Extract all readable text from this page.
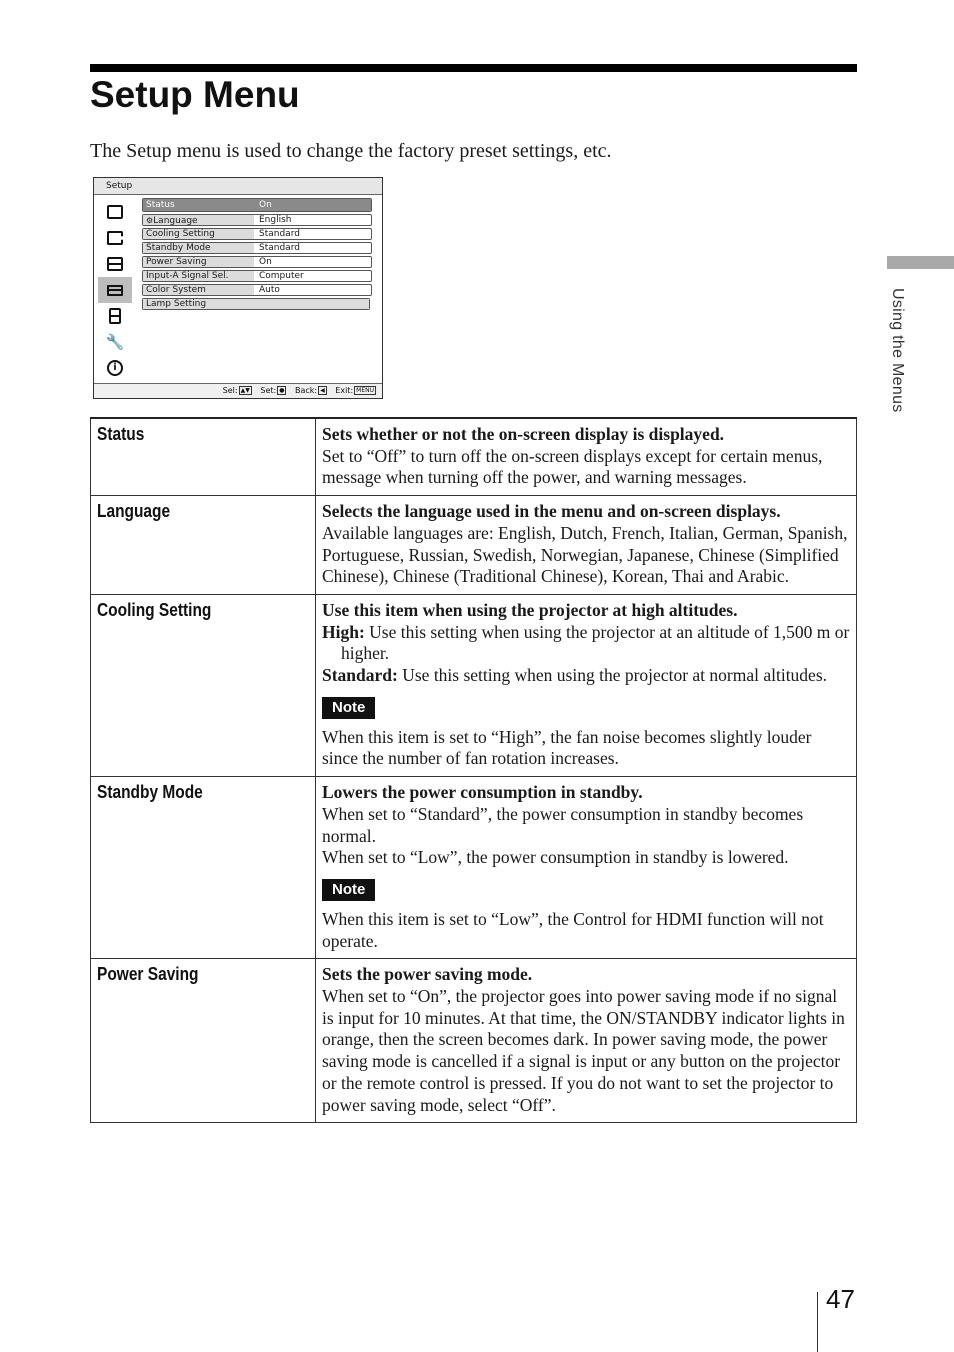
Setup Menu
The Setup menu is used to change the factory preset settings, etc.
Using the Menus
Setup
🔧
i
Status	On
⚙Language	English
Cooling Setting	Standard
Standby Mode	Standard
Power Saving	On
Input-A Signal Sel.	Computer
Color System	Auto
Lamp Setting
Sel: ▲▼ Set: ● Back: ◀ Exit: MENU
Status	Sets whether or not the on-screen display is displayed.

Set to “Off” to turn off the on-screen displays except for certain menus, message when turning off the power, and warning messages.

Language	Selects the language used in the menu and on-screen displays.

Available languages are: English, Dutch, French, Italian, German, Spanish, Portuguese, Russian, Swedish, Norwegian, Japanese, Chinese (Simplified Chinese), Chinese (Traditional Chinese), Korean, Thai and Arabic.

Cooling Setting	Use this item when using the projector at high altitudes.

High: Use this setting when using the projector at an altitude of 1,500 m or higher.

Standard: Use this setting when using the projector at normal altitudes.

Note

When this item is set to “High”, the fan noise becomes slightly louder since the number of fan rotation increases.

Standby Mode	Lowers the power consumption in standby.

When set to “Standard”, the power consumption in standby becomes normal.

When set to “Low”, the power consumption in standby is lowered.

Note

When this item is set to “Low”, the Control for HDMI function will not operate.

Power Saving	Sets the power saving mode.

When set to “On”, the projector goes into power saving mode if no signal is input for 10 minutes. At that time, the ON/STANDBY indicator lights in orange, then the screen becomes dark. In power saving mode, the power saving mode is cancelled if a signal is input or any button on the projector or the remote control is pressed. If you do not want to set the projector to power saving mode, select “Off”.

47
